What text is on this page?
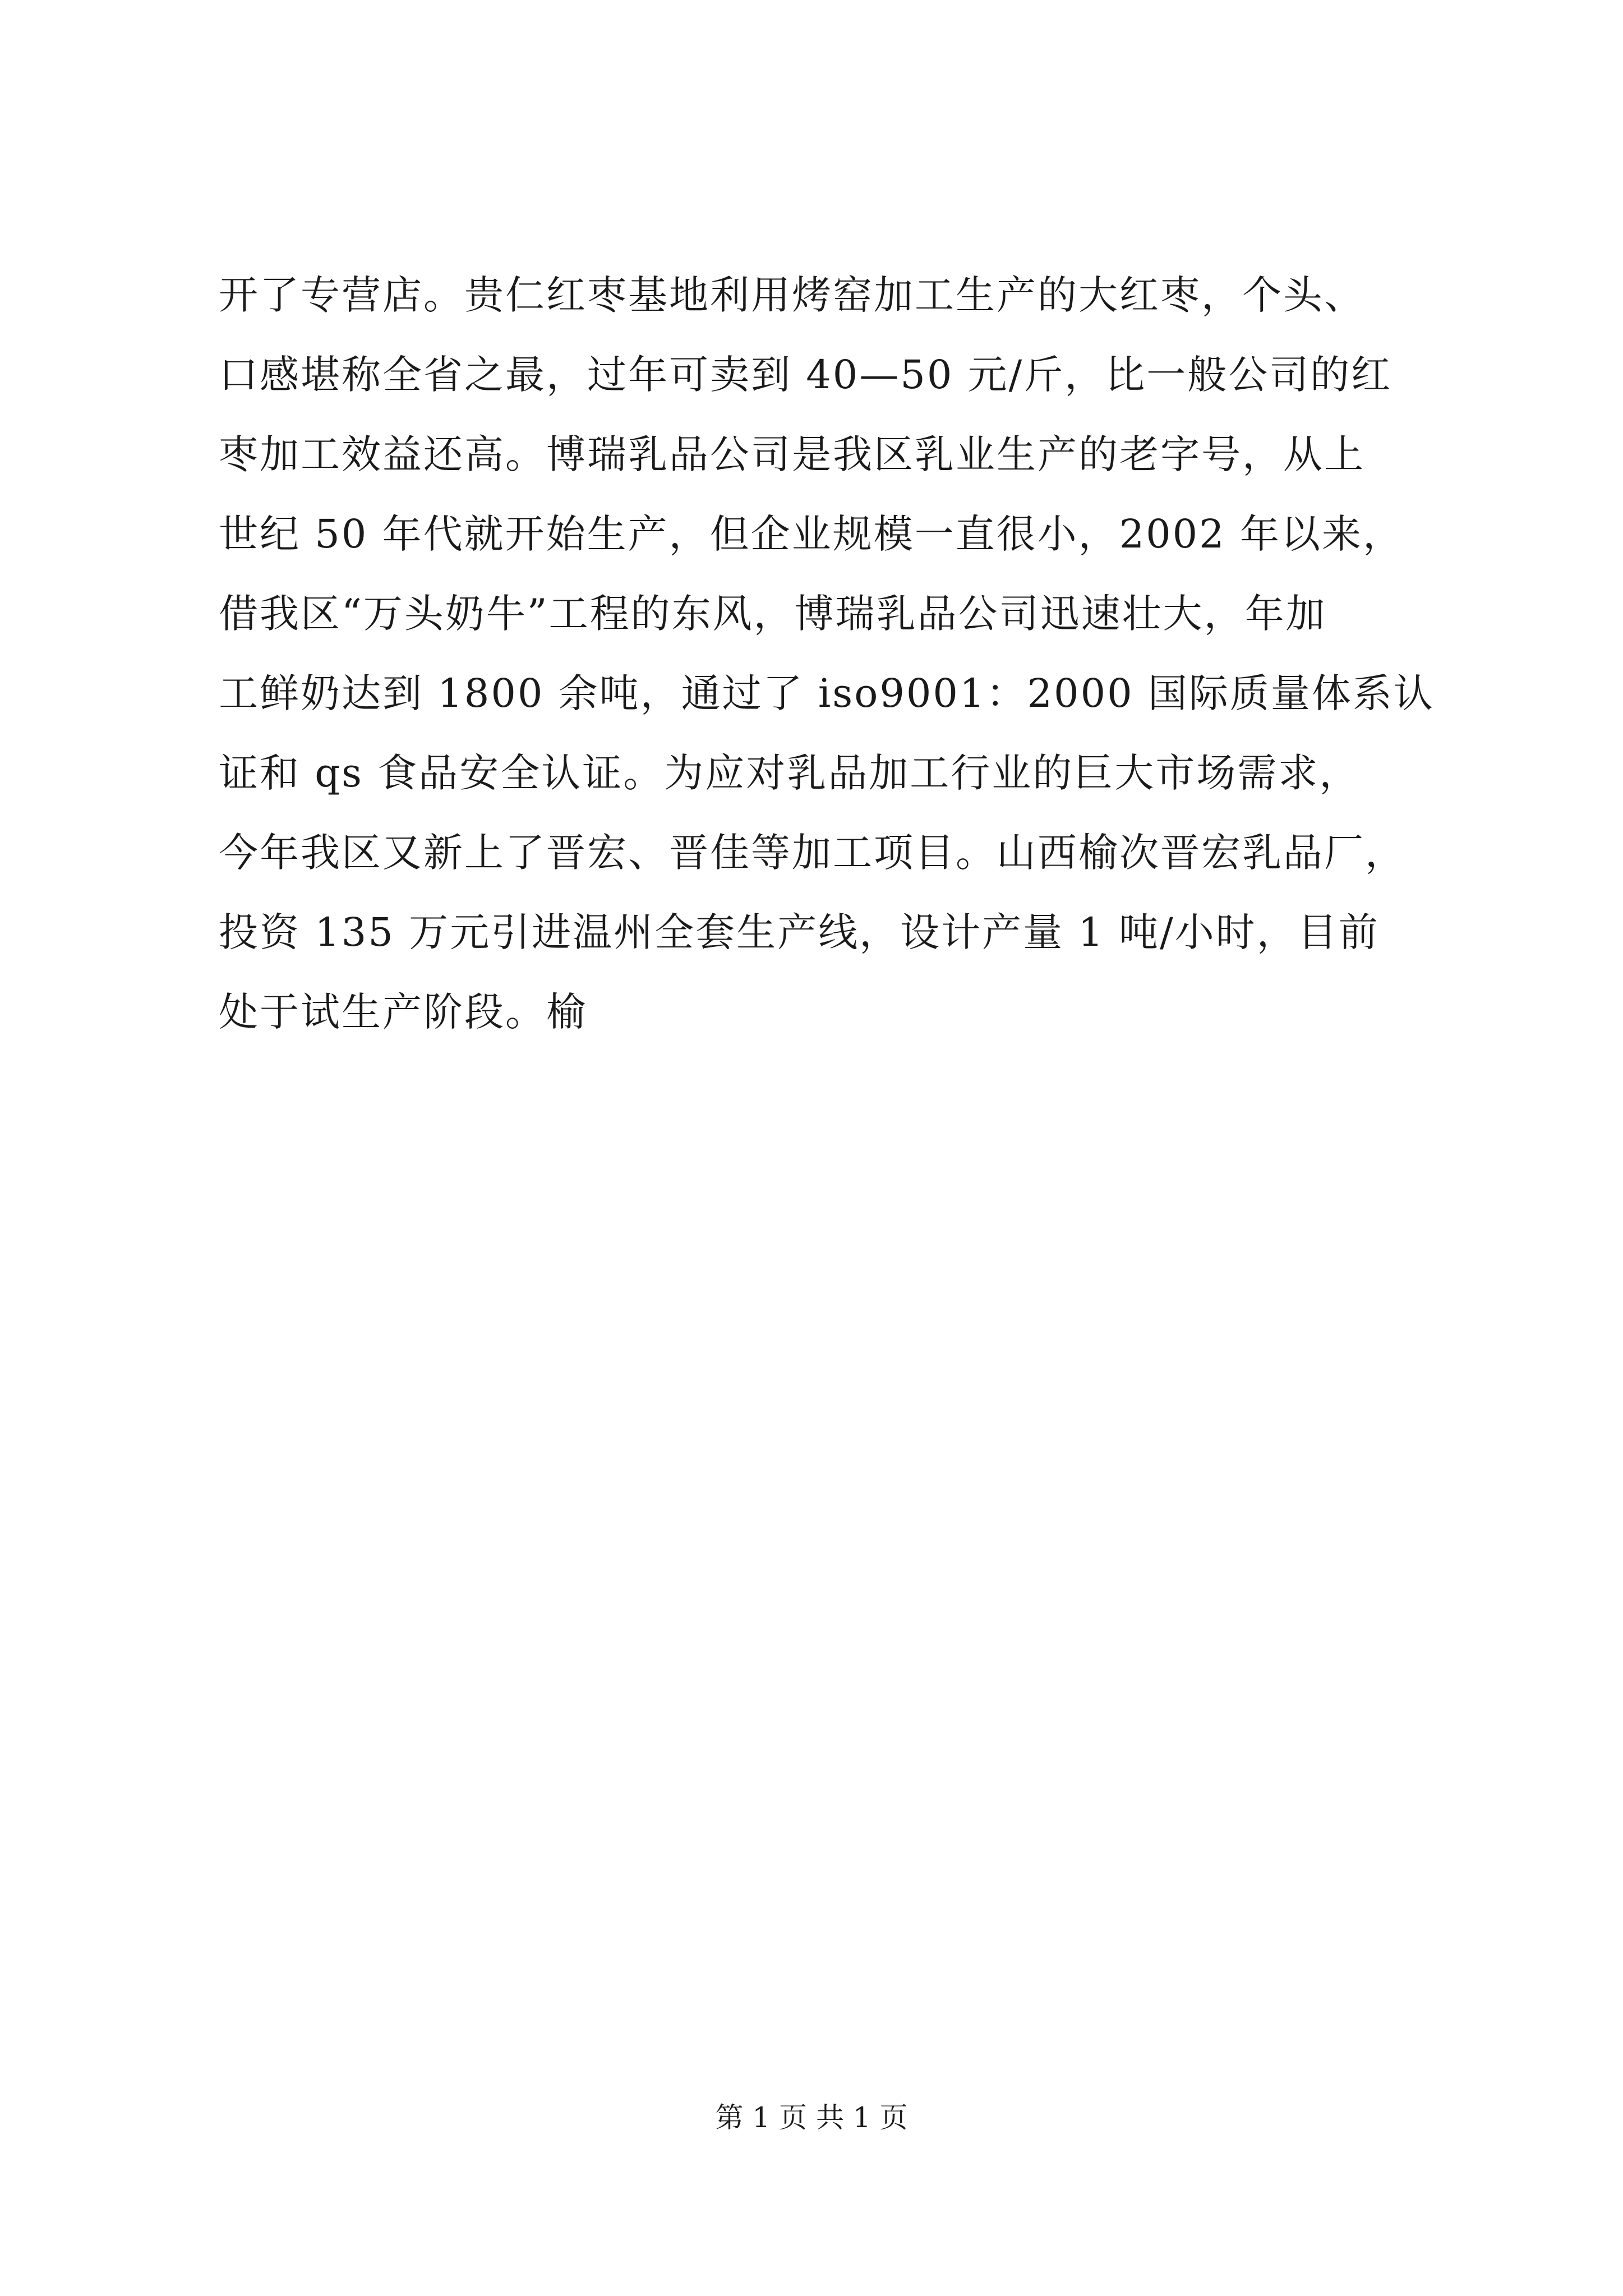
开了专营店。贵仁红枣基地利用烤窑加工生产的大红枣，个头、
口感堪称全省之最，过年可卖到 40—50 元/斤，比一般公司的红
枣加工效益还高。博瑞乳品公司是我区乳业生产的老字号，从上
世纪 50 年代就开始生产，但企业规模一直很小，2002 年以来，
借我区“万头奶牛”工程的东风，博瑞乳品公司迅速壮大，年加
工鲜奶达到 1800 余吨，通过了 iso9001：2000 国际质量体系认
证和 qs 食品安全认证。为应对乳品加工行业的巨大市场需求，
今年我区又新上了晋宏、晋佳等加工项目。山西榆次晋宏乳品厂，
投资 135 万元引进温州全套生产线，设计产量 1 吨/小时，目前
处于试生产阶段。榆
第 1 页 共 1 页
